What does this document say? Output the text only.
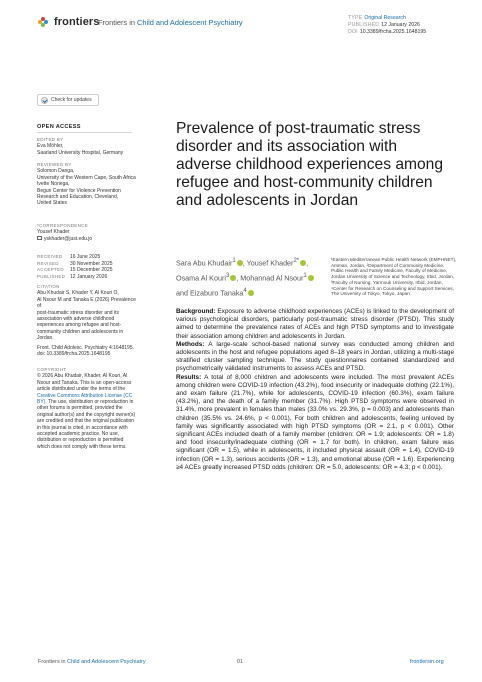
frontiers
Frontiers in Child and Adolescent Psychiatry	TYPE Original Research
PUBLISHED 12 January 2026
DOI 10.3389/frcha.2025.1648195
Check for updates
OPEN ACCESS
EDITED BY
Eva Möhler,
Saarland University Hospital, Germany
REVIEWED BY
Solomon Danga,
University of the Western Cape, South Africa
Ivette Noriega,
Begun Center for Violence Prevention
Research and Education, Cleveland,
United States
*CORRESPONDENCE
Yousef Khader
yskhader@just.edu.jo
RECEIVED 16 June 2025
REVISED 30 November 2025
ACCEPTED 15 December 2025
PUBLISHED 12 January 2026
CITATION
Abu Khudair S, Khader Y, Al Kouri O,
Al Nsour M and Tanaka E (2026) Prevalence of
post-traumatic stress disorder and its
association with adverse childhood
experiences among refugee and host-
community children and adolescents in
Jordan.
Front. Child Adolesc. Psychiatry 4:1648195.
doi: 10.3389/frcha.2025.1648195
COPYRIGHT
© 2026 Abu Khudair, Khader, Al Kouri, Al
Nsour and Tanaka. This is an open-access
article distributed under the terms of the
Creative Commons Attribution License (CC
BY). The use, distribution or reproduction in
other forums is permitted, provided the
original author(s) and the copyright owner(s)
are credited and that the original publication
in this journal is cited, in accordance with
accepted academic practice. No use,
distribution or reproduction is permitted
which does not comply with these terms.
Prevalence of post-traumatic stress disorder and its association with adverse childhood experiences among refugee and host-community children and adolescents in Jordan
Sara Abu Khudair$^1$ , Yousef Khader$^{2*}$ , Osama Al Kouri$^3$ , Mohannad Al Nsour$^1$ and Eizaburo Tanaka$^4$
¹Eastern Mediterranean Public Health Network (EMPHNET), Amman, Jordan, ²Department of Community Medicine, Public Health and Family Medicine, Faculty of Medicine, Jordan University of Science and Technology, Irbid, Jordan, ³Faculty of Nursing, Yarmouk University, Irbid, Jordan, ⁴Center for Research on Counseling and Support Services, The University of Tokyo, Tokyo, Japan

Background: Exposure to adverse childhood experiences (ACEs) is linked to the development of various psychological disorders, particularly post-traumatic stress disorder (PTSD). This study aimed to determine the prevalence rates of ACEs and high PTSD symptoms and to investigate their association among children and adolescents in Jordan.

Methods: A large-scale school-based national survey was conducted among children and adolescents in the host and refugee populations aged 8–18 years in Jordan, utilizing a multi-stage stratified cluster sampling technique. The study questionnaires contained standardized and psychometrically validated instruments to assess ACEs and PTSD.

Results: A total of 8,000 children and adolescents were included. The most prevalent ACEs among children were COVID-19 infection (43.2%), food insecurity or inadequate clothing (22.1%), and exam failure (21.7%), while for adolescents, COVID-19 infection (60.3%), exam failure (43.2%), and the death of a family member (31.7%). High PTSD symptoms were observed in 31.4%, more prevalent in females than males (33.0% vs. 29.3%, p = 0.003) and adolescents than children (35.5% vs. 24.6%, p < 0.001). For both children and adolescents, feeling unloved by family was significantly associated with high PTSD symptoms (OR = 2.1, p < 0.001). Other significant ACEs included death of a family member (children: OR = 1.9; adolescents: OR = 1.8) and food insecurity/inadequate clothing (OR = 1.7 for both). In children, exam failure was significant (OR = 1.5), while in adolescents, it included physical assault (OR = 1.4), COVID-19 infection (OR = 1.3), serious accidents (OR = 1.3), and emotional abuse (OR = 1.6). Experiencing ≥4 ACEs greatly increased PTSD odds (children: OR = 5.0, adolescents: OR = 4.3; p < 0.001).

Frontiers in Child and Adolescent Psychiatry	01	frontiersin.org
